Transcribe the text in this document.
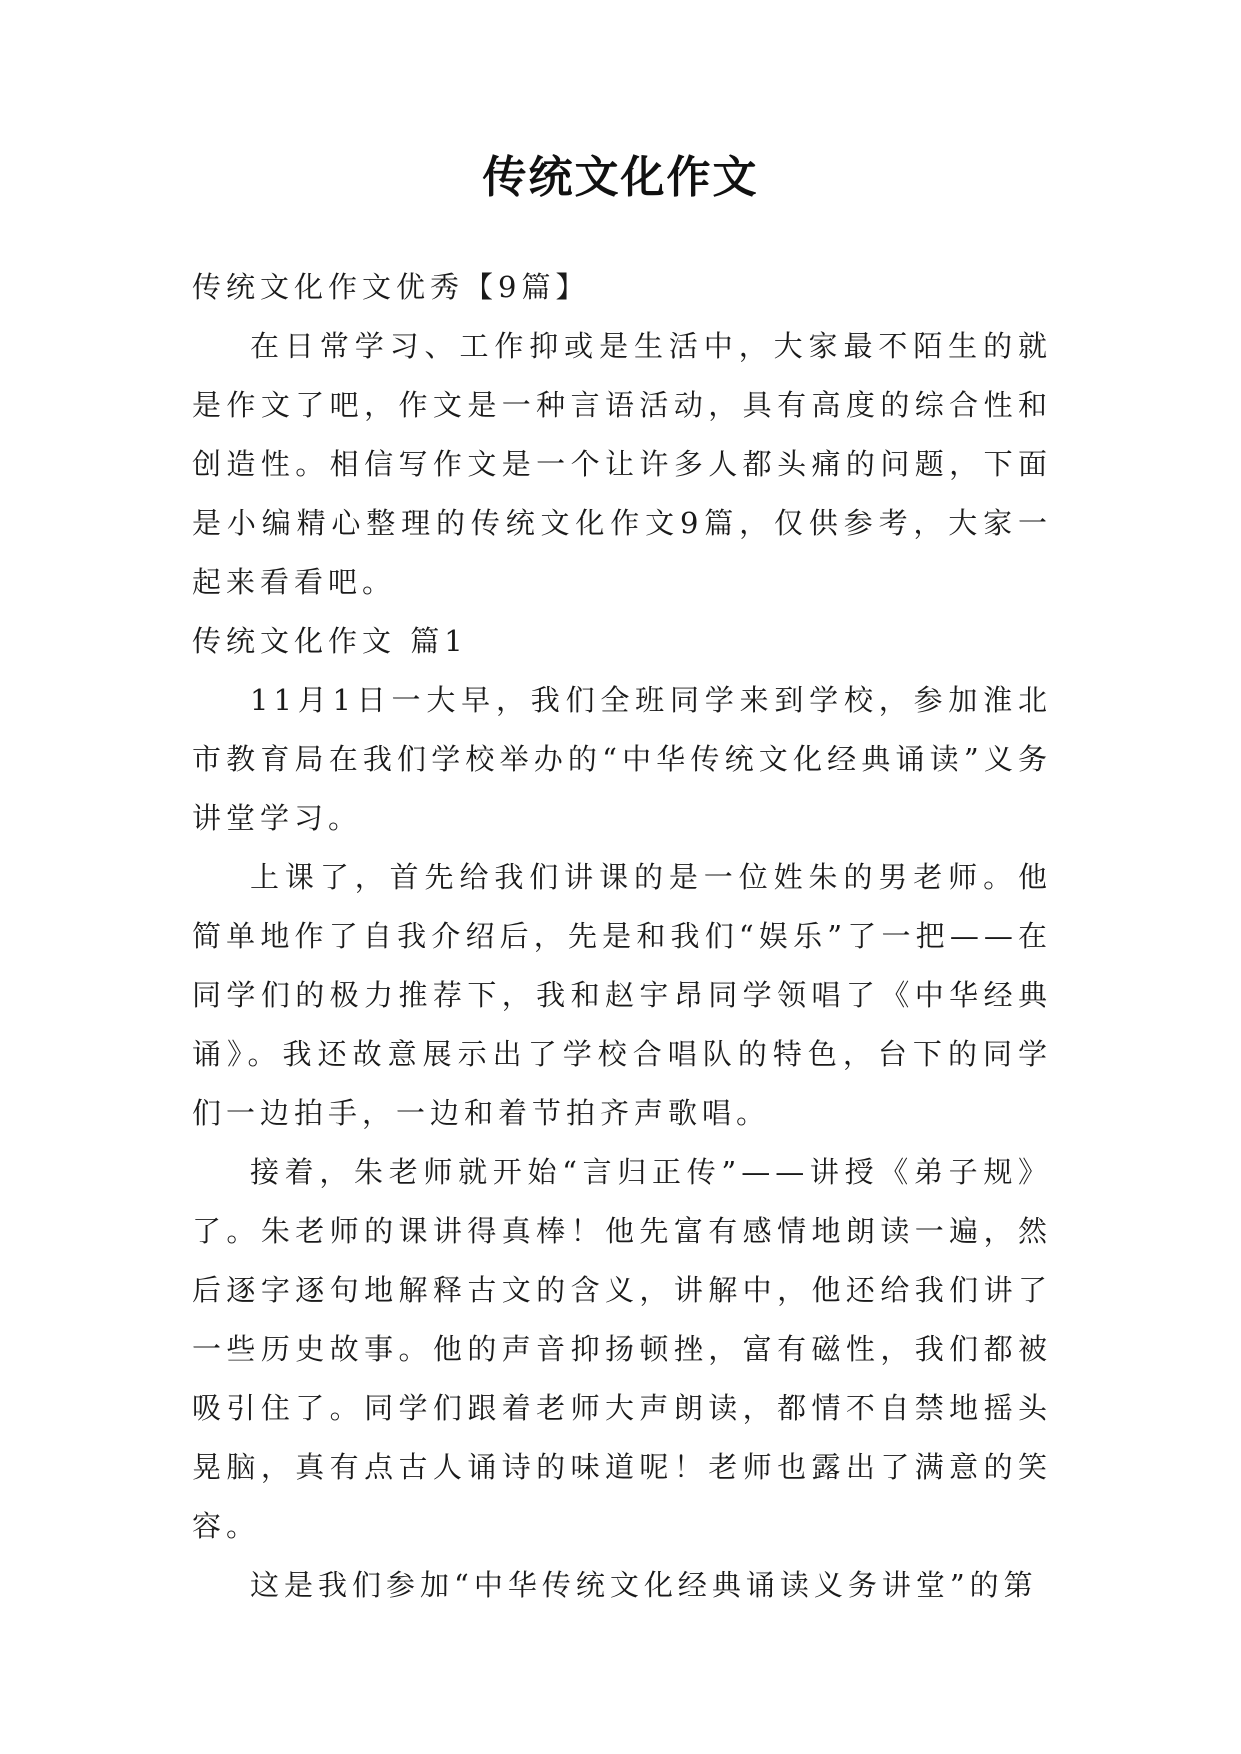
传统文化作文

传统文化作文优秀【9篇】

在日常学习、工作抑或是生活中，大家最不陌生的就是作文了吧，作文是一种言语活动，具有高度的综合性和创造性。相信写作文是一个让许多人都头痛的问题，下面是小编精心整理的传统文化作文9篇，仅供参考，大家一起来看看吧。

传统文化作文 篇1

11月1日一大早，我们全班同学来到学校，参加淮北市教育局在我们学校举办的“中华传统文化经典诵读”义务讲堂学习。

上课了，首先给我们讲课的是一位姓朱的男老师。他简单地作了自我介绍后，先是和我们“娱乐”了一把——在同学们的极力推荐下，我和赵宇昂同学领唱了《中华经典诵》。我还故意展示出了学校合唱队的特色，台下的同学们一边拍手，一边和着节拍齐声歌唱。

接着，朱老师就开始“言归正传”——讲授《弟子规》了。朱老师的课讲得真棒！他先富有感情地朗读一遍，然后逐字逐句地解释古文的含义，讲解中，他还给我们讲了一些历史故事。他的声音抑扬顿挫，富有磁性，我们都被吸引住了。同学们跟着老师大声朗读，都情不自禁地摇头晃脑，真有点古人诵诗的味道呢！老师也露出了满意的笑容。

这是我们参加“中华传统文化经典诵读义务讲堂”的第
